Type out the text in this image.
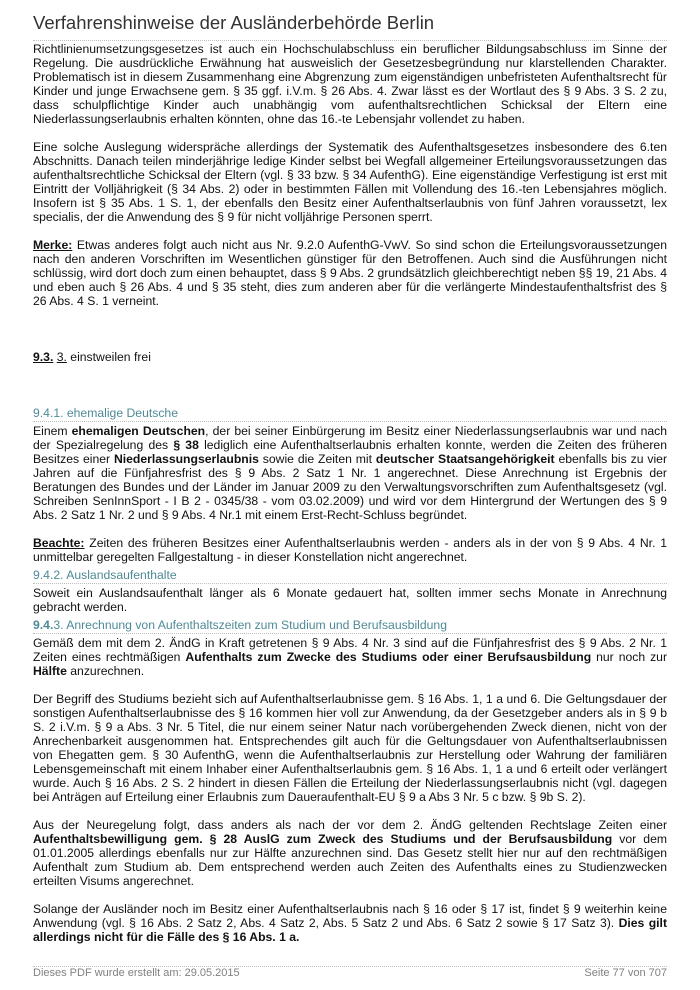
Verfahrenshinweise der Ausländerbehörde Berlin

Richtlinienumsetzungsgesetzes ist auch ein Hochschulabschluss ein beruflicher Bildungsabschluss im Sinne der Regelung. Die ausdrückliche Erwähnung hat ausweislich der Gesetzesbegründung nur klarstellenden Charakter. Problematisch ist in diesem Zusammenhang eine Abgrenzung zum eigenständigen unbefristeten Aufenthaltsrecht für Kinder und junge Erwachsene gem. § 35 ggf. i.V.m. § 26 Abs. 4. Zwar lässt es der Wortlaut des § 9 Abs. 3 S. 2 zu, dass schulpflichtige Kinder auch unabhängig vom aufenthaltsrechtlichen Schicksal der Eltern eine Niederlassungserlaubnis erhalten könnten, ohne das 16.-te Lebensjahr vollendet zu haben.

Eine solche Auslegung widerspräche allerdings der Systematik des Aufenthaltsgesetzes insbesondere des 6.ten Abschnitts. Danach teilen minderjährige ledige Kinder selbst bei Wegfall allgemeiner Erteilungsvoraussetzungen das aufenthaltsrechtliche Schicksal der Eltern (vgl. § 33 bzw. § 34 AufenthG). Eine eigenständige Verfestigung ist erst mit Eintritt der Volljährigkeit (§ 34 Abs. 2) oder in bestimmten Fällen mit Vollendung des 16.-ten Lebensjahres möglich. Insofern ist § 35 Abs. 1 S. 1, der ebenfalls den Besitz einer Aufenthaltserlaubnis von fünf Jahren voraussetzt, lex specialis, der die Anwendung des § 9 für nicht volljährige Personen sperrt.

Merke: Etwas anderes folgt auch nicht aus Nr. 9.2.0 AufenthG-VwV. So sind schon die Erteilungsvoraussetzungen nach den anderen Vorschriften im Wesentlichen günstiger für den Betroffenen. Auch sind die Ausführungen nicht schlüssig, wird dort doch zum einen behauptet, dass § 9 Abs. 2 grundsätzlich gleichberechtigt neben §§ 19, 21 Abs. 4 und eben auch § 26 Abs. 4 und § 35 steht, dies zum anderen aber für die verlängerte Mindestaufenthaltsfrist des § 26 Abs. 4 S. 1 verneint.

9.3. 3. einstweilen frei

9.4.1. ehemalige Deutsche

Einem ehemaligen Deutschen, der bei seiner Einbürgerung im Besitz einer Niederlassungserlaubnis war und nach der Spezialregelung des § 38 lediglich eine Aufenthaltserlaubnis erhalten konnte, werden die Zeiten des früheren Besitzes einer Niederlassungserlaubnis sowie die Zeiten mit deutscher Staatsangehörigkeit ebenfalls bis zu vier Jahren auf die Fünfjahresfrist des § 9 Abs. 2 Satz 1 Nr. 1 angerechnet. Diese Anrechnung ist Ergebnis der Beratungen des Bundes und der Länder im Januar 2009 zu den Verwaltungsvorschriften zum Aufenthaltsgesetz (vgl. Schreiben SenInnSport - I B 2 - 0345/38 - vom 03.02.2009) und wird vor dem Hintergrund der Wertungen des § 9 Abs. 2 Satz 1 Nr. 2 und § 9 Abs. 4 Nr.1 mit einem Erst-Recht-Schluss begründet.

Beachte: Zeiten des früheren Besitzes einer Aufenthaltserlaubnis werden - anders als in der von § 9 Abs. 4 Nr. 1 unmittelbar geregelten Fallgestaltung - in dieser Konstellation nicht angerechnet.

9.4.2. Auslandsaufenthalte

Soweit ein Auslandsaufenthalt länger als 6 Monate gedauert hat, sollten immer sechs Monate in Anrechnung gebracht werden.

9.4.3. Anrechnung von Aufenthaltszeiten zum Studium und Berufsausbildung

Gemäß dem mit dem 2. ÄndG in Kraft getretenen § 9 Abs. 4 Nr. 3 sind auf die Fünfjahresfrist des § 9 Abs. 2 Nr. 1 Zeiten eines rechtmäßigen Aufenthalts zum Zwecke des Studiums oder einer Berufsausbildung nur noch zur Hälfte anzurechnen.

Der Begriff des Studiums bezieht sich auf Aufenthaltserlaubnisse gem. § 16 Abs. 1, 1 a und 6. Die Geltungsdauer der sonstigen Aufenthaltserlaubnisse des § 16 kommen hier voll zur Anwendung, da der Gesetzgeber anders als in § 9 b S. 2 i.V.m. § 9 a Abs. 3 Nr. 5 Titel, die nur einem seiner Natur nach vorübergehenden Zweck dienen, nicht von der Anrechenbarkeit ausgenommen hat. Entsprechendes gilt auch für die Geltungsdauer von Aufenthaltserlaubnissen von Ehegatten gem. § 30 AufenthG, wenn die Aufenthaltserlaubnis zur Herstellung oder Wahrung der familiären Lebensgemeinschaft mit einem Inhaber einer Aufenthaltserlaubnis gem. § 16 Abs. 1, 1 a und 6 erteilt oder verlängert wurde. Auch § 16 Abs. 2 S. 2 hindert in diesen Fällen die Erteilung der Niederlassungserlaubnis nicht (vgl. dagegen bei Anträgen auf Erteilung einer Erlaubnis zum Daueraufenthalt-EU § 9 a Abs 3 Nr. 5 c bzw. § 9b S. 2).

Aus der Neuregelung folgt, dass anders als nach der vor dem 2. ÄndG geltenden Rechtslage Zeiten einer Aufenthaltsbewilligung gem. § 28 AuslG zum Zweck des Studiums und der Berufsausbildung vor dem 01.01.2005 allerdings ebenfalls nur zur Hälfte anzurechnen sind. Das Gesetz stellt hier nur auf den rechtmäßigen Aufenthalt zum Studium ab. Dem entsprechend werden auch Zeiten des Aufenthalts eines zu Studienzwecken erteilten Visums angerechnet.

Solange der Ausländer noch im Besitz einer Aufenthaltserlaubnis nach § 16 oder § 17 ist, findet § 9 weiterhin keine Anwendung (vgl. § 16 Abs. 2 Satz 2, Abs. 4 Satz 2, Abs. 5 Satz 2 und Abs. 6 Satz 2 sowie § 17 Satz 3). Dies gilt allerdings nicht für die Fälle des § 16 Abs. 1 a.

Dieses PDF wurde erstellt am: 29.05.2015	Seite 77 von 707
